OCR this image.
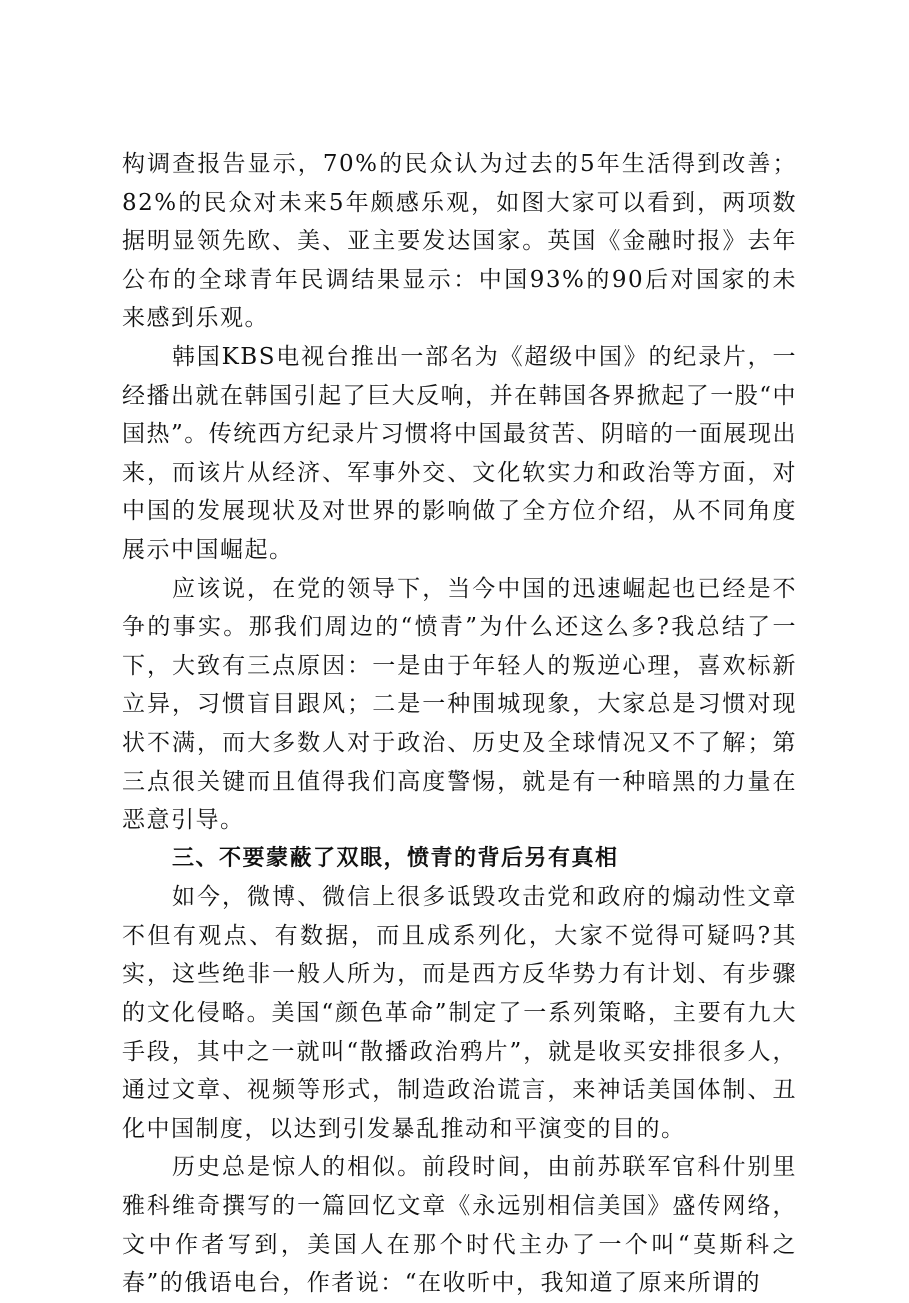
构调查报告显示，70%的民众认为过去的5年生活得到改善；82%的民众对未来5年颇感乐观，如图大家可以看到，两项数据明显领先欧、美、亚主要发达国家。英国《金融时报》去年公布的全球青年民调结果显示：中国93%的90后对国家的未来感到乐观。

韩国KBS电视台推出一部名为《超级中国》的纪录片，一经播出就在韩国引起了巨大反响，并在韩国各界掀起了一股“中国热”。传统西方纪录片习惯将中国最贫苦、阴暗的一面展现出来，而该片从经济、军事外交、文化软实力和政治等方面，对中国的发展现状及对世界的影响做了全方位介绍，从不同角度展示中国崛起。

应该说，在党的领导下，当今中国的迅速崛起也已经是不争的事实。那我们周边的“愤青”为什么还这么多?我总结了一下，大致有三点原因：一是由于年轻人的叛逆心理，喜欢标新立异，习惯盲目跟风；二是一种围城现象，大家总是习惯对现状不满，而大多数人对于政治、历史及全球情况又不了解；第三点很关键而且值得我们高度警惕，就是有一种暗黑的力量在恶意引导。

三、不要蒙蔽了双眼，愤青的背后另有真相

如今，微博、微信上很多诋毁攻击党和政府的煽动性文章不但有观点、有数据，而且成系列化，大家不觉得可疑吗?其实，这些绝非一般人所为，而是西方反华势力有计划、有步骤的文化侵略。美国“颜色革命”制定了一系列策略，主要有九大手段，其中之一就叫“散播政治鸦片”，就是收买安排很多人，通过文章、视频等形式，制造政治谎言，来神话美国体制、丑化中国制度，以达到引发暴乱推动和平演变的目的。

历史总是惊人的相似。前段时间，由前苏联军官科什别里雅科维奇撰写的一篇回忆文章《永远别相信美国》盛传网络，文中作者写到，美国人在那个时代主办了一个叫“莫斯科之春”的俄语电台，作者说：“在收听中，我知道了原来所谓的
